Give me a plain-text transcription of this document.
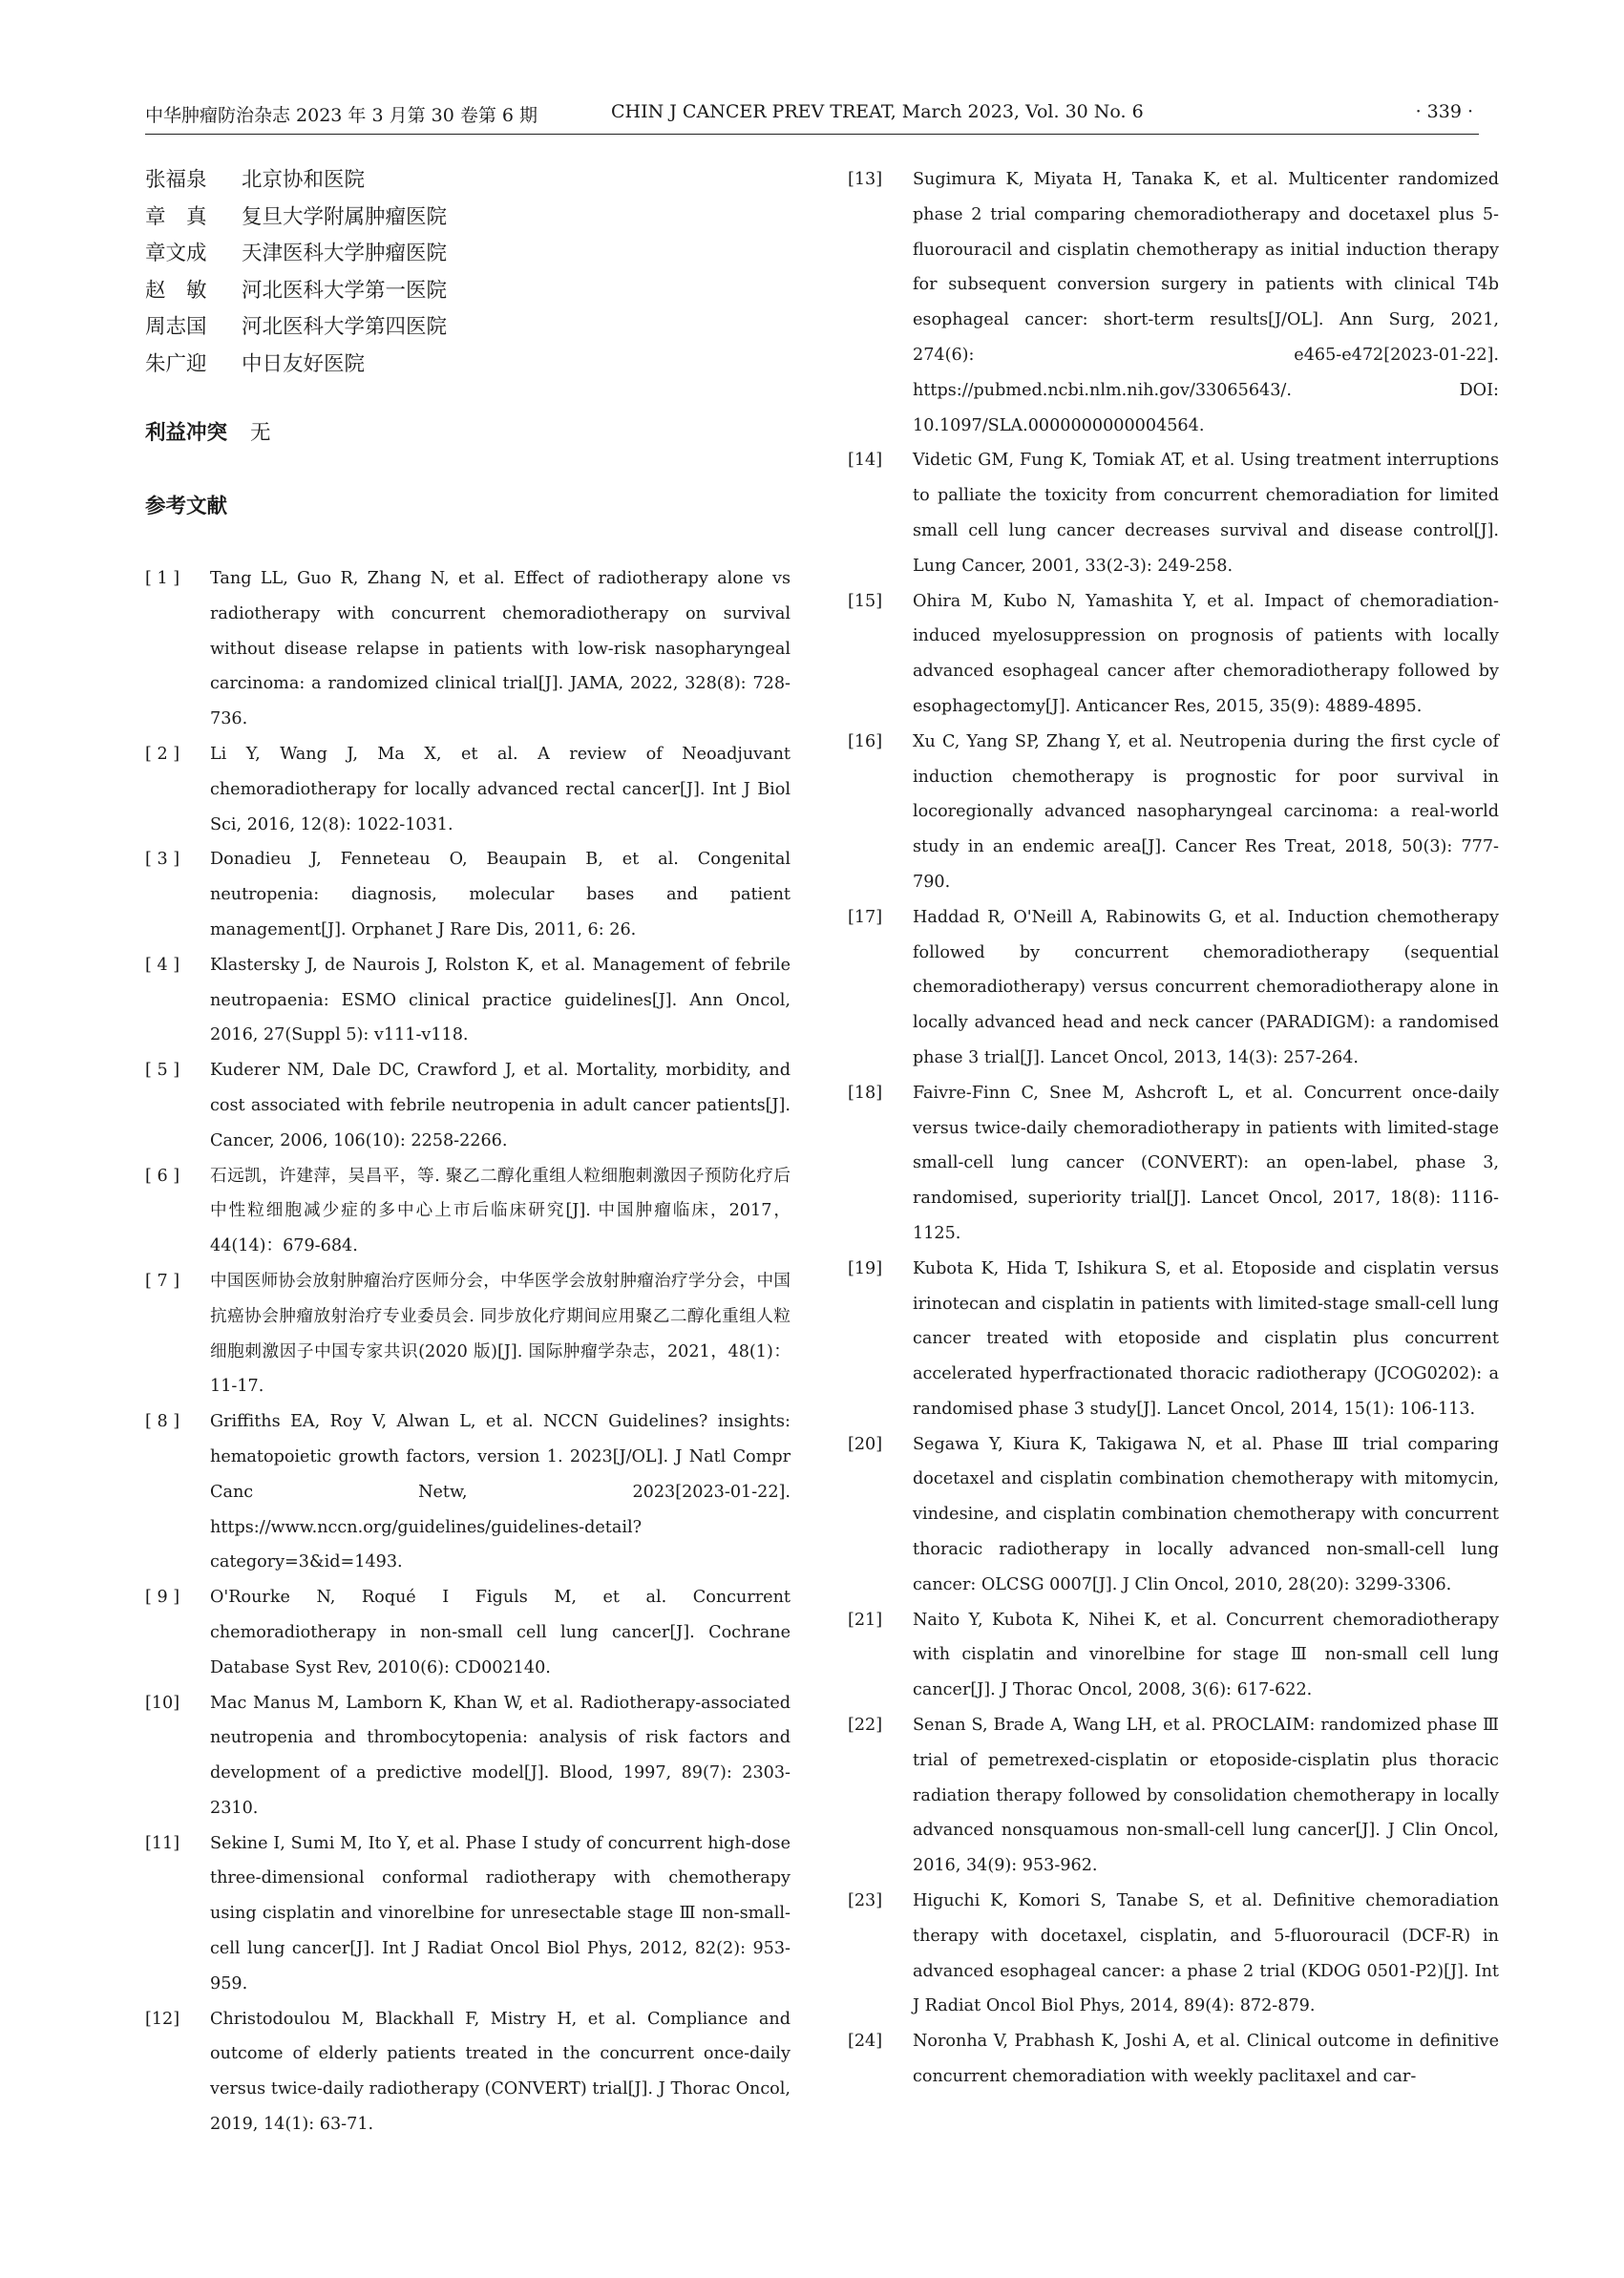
中华肿瘤防治杂志 2023 年 3 月第 30 卷第 6 期	CHIN J CANCER PREV TREAT, March 2023, Vol. 30 No. 6	· 339 ·
张福泉 北京协和医院
章　真 复旦大学附属肿瘤医院
章文成 天津医科大学肿瘤医院
赵　敏 河北医科大学第一医院
周志国 河北医科大学第四医院
朱广迎 中日友好医院
利益冲突 无
参考文献
[ 1 ]	Tang LL, Guo R, Zhang N, et al. Effect of radiotherapy alone vs radiotherapy with concurrent chemoradiotherapy on survival without disease relapse in patients with low-risk nasopharyngeal carcinoma: a randomized clinical trial[J]. JAMA, 2022, 328(8): 728-736.
[ 2 ]	Li Y, Wang J, Ma X, et al. A review of Neoadjuvant chemoradiotherapy for locally advanced rectal cancer[J]. Int J Biol Sci, 2016, 12(8): 1022-1031.
[ 3 ]	Donadieu J, Fenneteau O, Beaupain B, et al. Congenital neutropenia: diagnosis, molecular bases and patient management[J]. Orphanet J Rare Dis, 2011, 6: 26.
[ 4 ]	Klastersky J, de Naurois J, Rolston K, et al. Management of febrile neutropaenia: ESMO clinical practice guidelines[J]. Ann Oncol, 2016, 27(Suppl 5): v111-v118.
[ 5 ]	Kuderer NM, Dale DC, Crawford J, et al. Mortality, morbidity, and cost associated with febrile neutropenia in adult cancer patients[J]. Cancer, 2006, 106(10): 2258-2266.
[ 6 ]	石远凯，许建萍，吴昌平，等. 聚乙二醇化重组人粒细胞刺激因子预防化疗后中性粒细胞减少症的多中心上市后临床研究[J]. 中国肿瘤临床，2017，44(14)：679-684.
[ 7 ]	中国医师协会放射肿瘤治疗医师分会，中华医学会放射肿瘤治疗学分会，中国抗癌协会肿瘤放射治疗专业委员会. 同步放化疗期间应用聚乙二醇化重组人粒细胞刺激因子中国专家共识(2020 版)[J]. 国际肿瘤学杂志，2021，48(1)：11-17.
[ 8 ]	Griffiths EA, Roy V, Alwan L, et al. NCCN Guidelines? insights: hematopoietic growth factors, version 1. 2023[J/OL]. J Natl Compr Canc Netw, 2023[2023-01-22]. https://www.nccn.org/guidelines/guidelines-detail?category=3&id=1493.
[ 9 ]	O'Rourke N, Roqué I Figuls M, et al. Concurrent chemoradiotherapy in non-small cell lung cancer[J]. Cochrane Database Syst Rev, 2010(6): CD002140.
[10]	Mac Manus M, Lamborn K, Khan W, et al. Radiotherapy-associated neutropenia and thrombocytopenia: analysis of risk factors and development of a predictive model[J]. Blood, 1997, 89(7): 2303-2310.
[11]	Sekine I, Sumi M, Ito Y, et al. Phase Ⅰ study of concurrent high-dose three-dimensional conformal radiotherapy with chemotherapy using cisplatin and vinorelbine for unresectable stage Ⅲ non-small-cell lung cancer[J]. Int J Radiat Oncol Biol Phys, 2012, 82(2): 953-959.
[12]	Christodoulou M, Blackhall F, Mistry H, et al. Compliance and outcome of elderly patients treated in the concurrent once-daily versus twice-daily radiotherapy (CONVERT) trial[J]. J Thorac Oncol, 2019, 14(1): 63-71.
[13]	Sugimura K, Miyata H, Tanaka K, et al. Multicenter randomized phase 2 trial comparing chemoradiotherapy and docetaxel plus 5-fluorouracil and cisplatin chemotherapy as initial induction therapy for subsequent conversion surgery in patients with clinical T4b esophageal cancer: short-term results[J/OL]. Ann Surg, 2021, 274(6): e465-e472[2023-01-22]. https://pubmed.ncbi.nlm.nih.gov/33065643/. DOI: 10.1097/SLA.0000000000004564.
[14]	Videtic GM, Fung K, Tomiak AT, et al. Using treatment interruptions to palliate the toxicity from concurrent chemoradiation for limited small cell lung cancer decreases survival and disease control[J]. Lung Cancer, 2001, 33(2-3): 249-258.
[15]	Ohira M, Kubo N, Yamashita Y, et al. Impact of chemoradiation-induced myelosuppression on prognosis of patients with locally advanced esophageal cancer after chemoradiotherapy followed by esophagectomy[J]. Anticancer Res, 2015, 35(9): 4889-4895.
[16]	Xu C, Yang SP, Zhang Y, et al. Neutropenia during the first cycle of induction chemotherapy is prognostic for poor survival in locoregionally advanced nasopharyngeal carcinoma: a real-world study in an endemic area[J]. Cancer Res Treat, 2018, 50(3): 777-790.
[17]	Haddad R, O'Neill A, Rabinowits G, et al. Induction chemotherapy followed by concurrent chemoradiotherapy (sequential chemoradiotherapy) versus concurrent chemoradiotherapy alone in locally advanced head and neck cancer (PARADIGM): a randomised phase 3 trial[J]. Lancet Oncol, 2013, 14(3): 257-264.
[18]	Faivre-Finn C, Snee M, Ashcroft L, et al. Concurrent once-daily versus twice-daily chemoradiotherapy in patients with limited-stage small-cell lung cancer (CONVERT): an open-label, phase 3, randomised, superiority trial[J]. Lancet Oncol, 2017, 18(8): 1116-1125.
[19]	Kubota K, Hida T, Ishikura S, et al. Etoposide and cisplatin versus irinotecan and cisplatin in patients with limited-stage small-cell lung cancer treated with etoposide and cisplatin plus concurrent accelerated hyperfractionated thoracic radiotherapy (JCOG0202): a randomised phase 3 study[J]. Lancet Oncol, 2014, 15(1): 106-113.
[20]	Segawa Y, Kiura K, Takigawa N, et al. Phase Ⅲ trial comparing docetaxel and cisplatin combination chemotherapy with mitomycin, vindesine, and cisplatin combination chemotherapy with concurrent thoracic radiotherapy in locally advanced non-small-cell lung cancer: OLCSG 0007[J]. J Clin Oncol, 2010, 28(20): 3299-3306.
[21]	Naito Y, Kubota K, Nihei K, et al. Concurrent chemoradiotherapy with cisplatin and vinorelbine for stage Ⅲ non-small cell lung cancer[J]. J Thorac Oncol, 2008, 3(6): 617-622.
[22]	Senan S, Brade A, Wang LH, et al. PROCLAIM: randomized phase Ⅲ trial of pemetrexed-cisplatin or etoposide-cisplatin plus thoracic radiation therapy followed by consolidation chemotherapy in locally advanced nonsquamous non-small-cell lung cancer[J]. J Clin Oncol, 2016, 34(9): 953-962.
[23]	Higuchi K, Komori S, Tanabe S, et al. Definitive chemoradiation therapy with docetaxel, cisplatin, and 5-fluorouracil (DCF-R) in advanced esophageal cancer: a phase 2 trial (KDOG 0501-P2)[J]. Int J Radiat Oncol Biol Phys, 2014, 89(4): 872-879.
[24]	Noronha V, Prabhash K, Joshi A, et al. Clinical outcome in definitive concurrent chemoradiation with weekly paclitaxel and car-
